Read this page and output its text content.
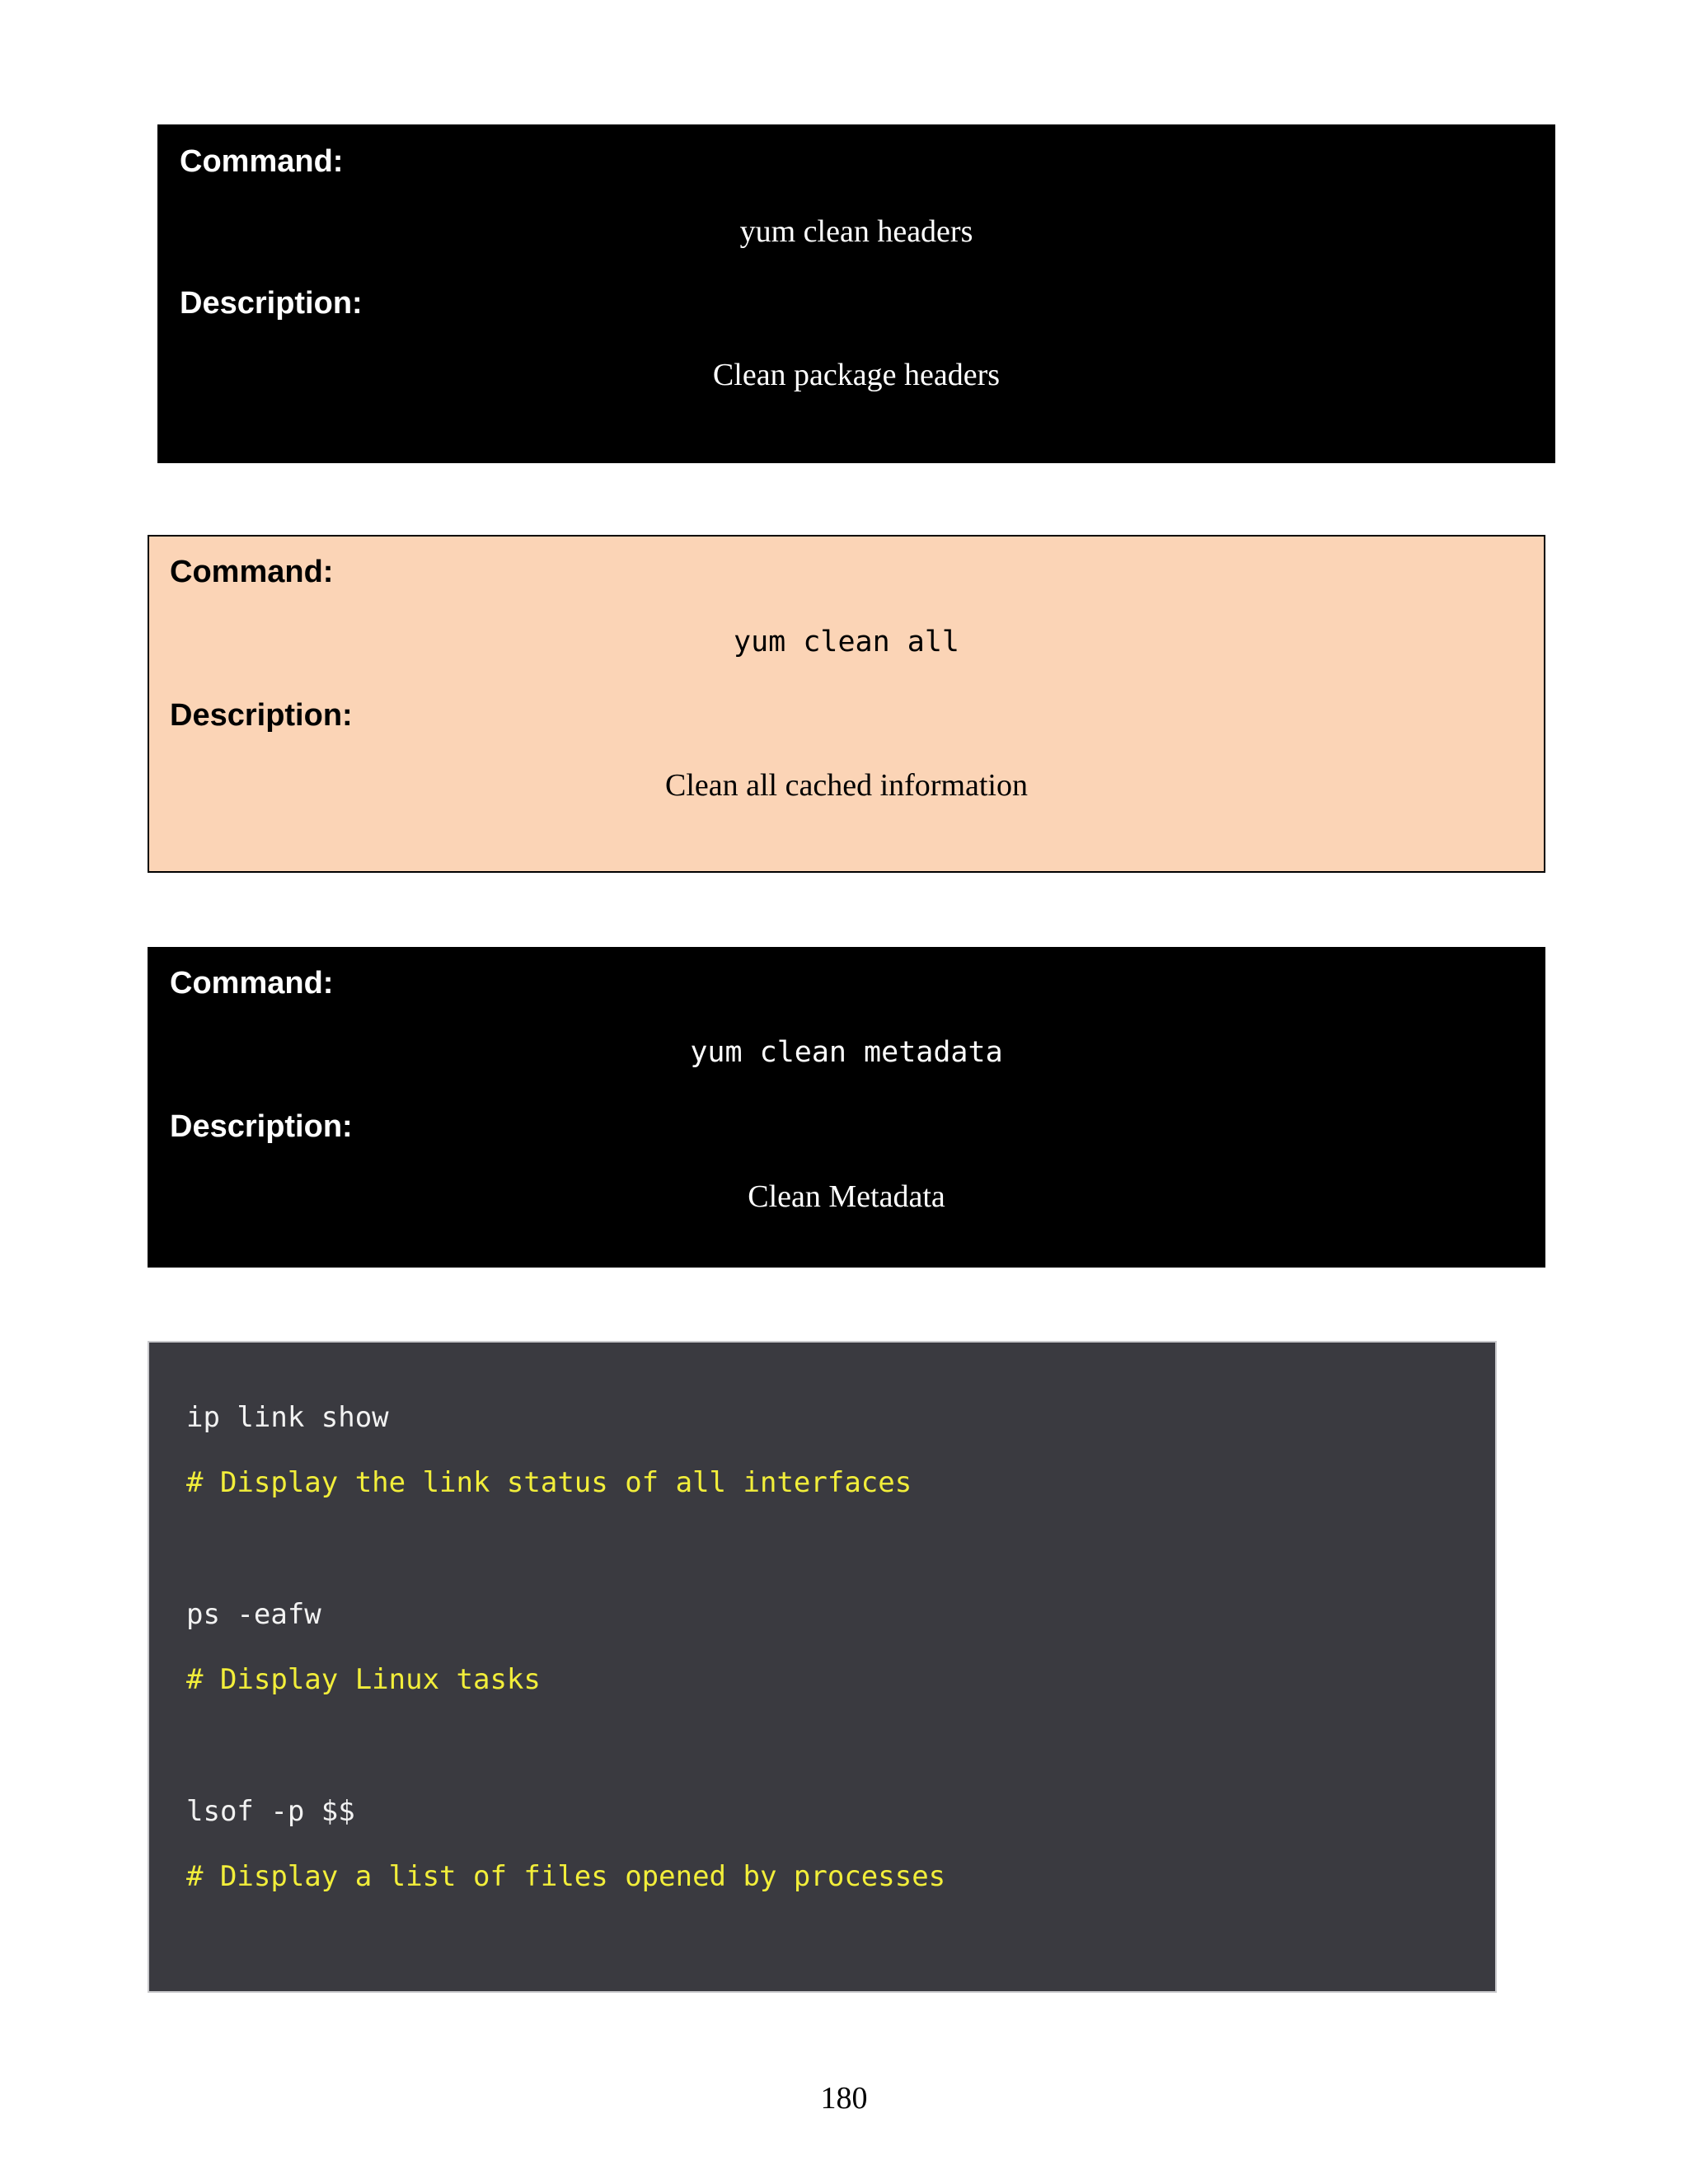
Command:
yum clean headers
Description:
Clean package headers
Command:
yum clean all
Description:
Clean all cached information
Command:
yum clean metadata
Description:
Clean Metadata
ip link show
# Display the link status of all interfaces
ps -eafw
# Display Linux tasks
lsof -p $$
# Display a list of files opened by processes
180
